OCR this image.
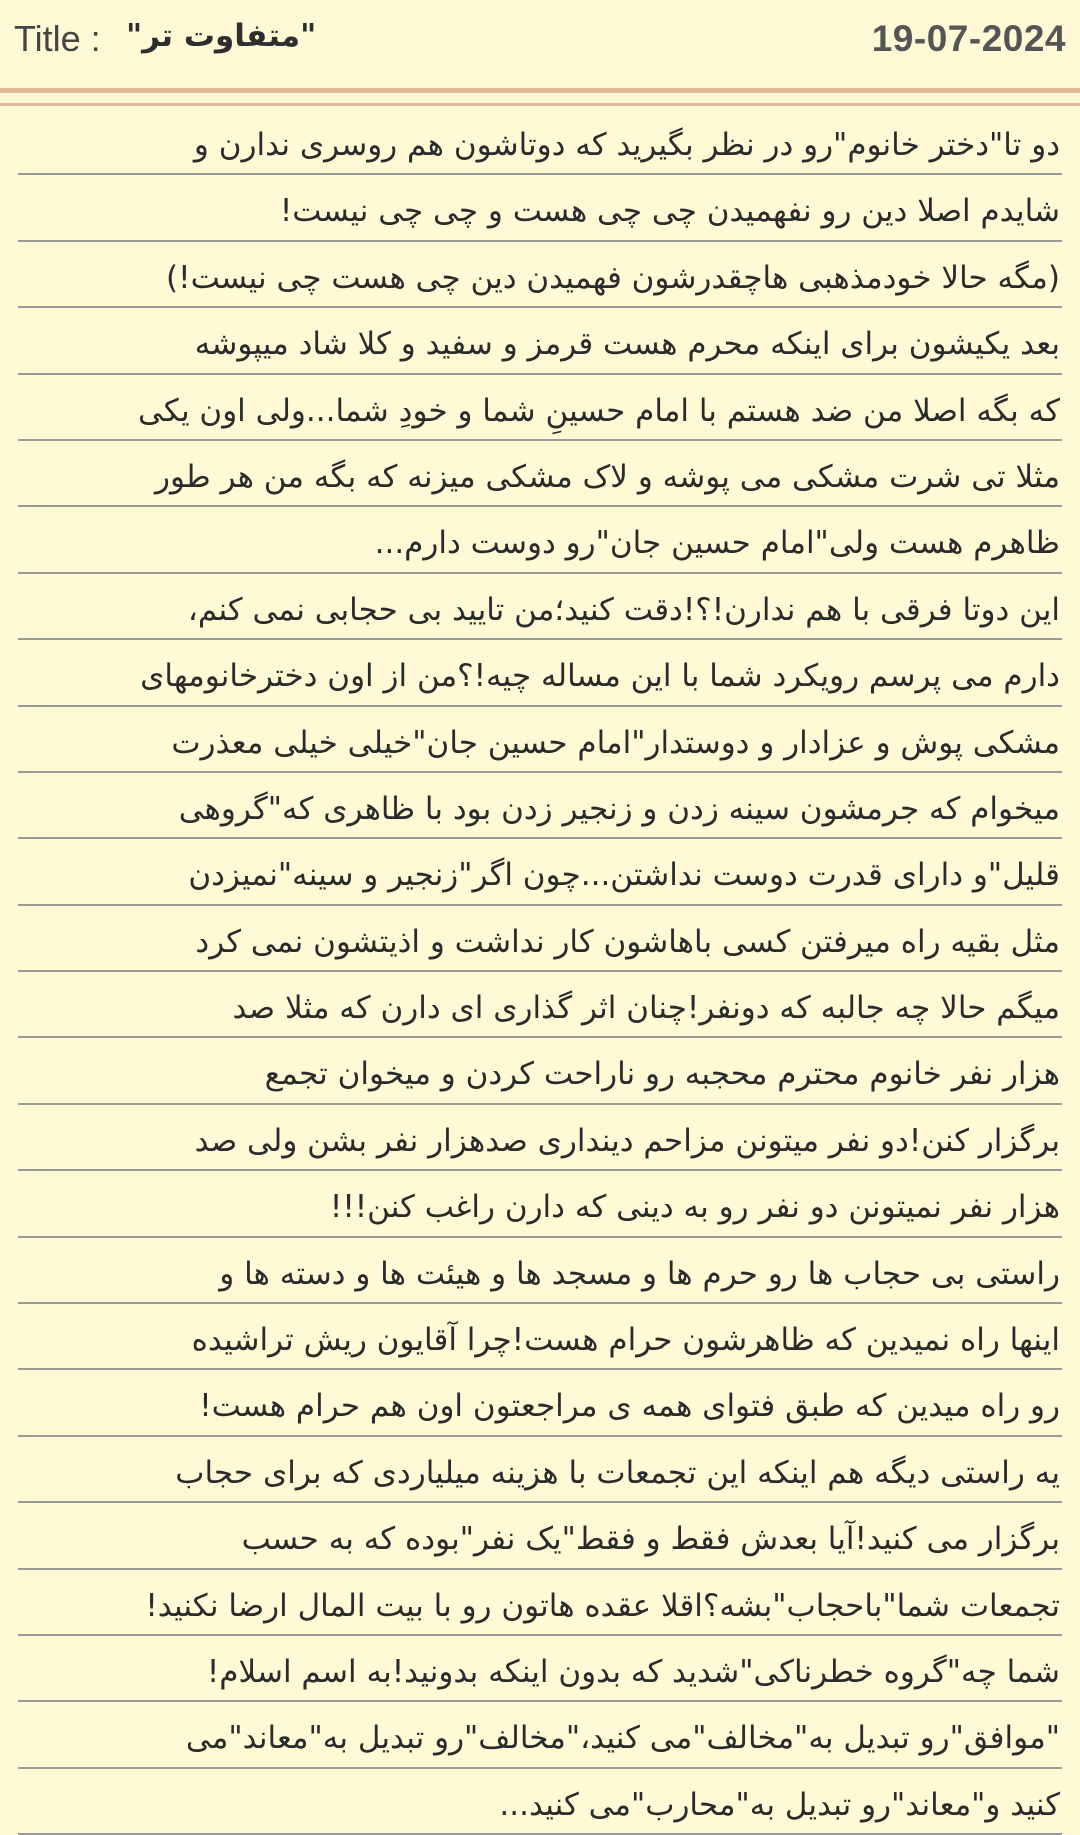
Title : "متفاوت تر"	19-07-2024
دو تا"دختر خانوم"رو در نظر بگیرید که دوتاشون هم روسری ندارن و
شایدم اصلا دین رو نفهمیدن چی چی هست و چی چی نیست!
(مگه حالا خودمذهبی هاچقدرشون فهمیدن دین چی هست چی نیست!)
بعد یکیشون برای اینکه محرم هست قرمز و سفید و کلا شاد میپوشه
که بگه اصلا من ضد هستم با امام حسینِ شما و خودِ شما...ولی اون یکی
مثلا تی شرت مشکی می پوشه و لاک مشکی میزنه که بگه من هر طور
ظاهرم هست ولی"امام حسین جان"رو دوست دارم...
این دوتا فرقی با هم ندارن!؟!دقت کنید؛من تایید بی حجابی نمی کنم،
دارم می پرسم رویکرد شما با این مساله چیه!؟من از اون دخترخانومهای
مشکی پوش و عزادار و دوستدار"امام حسین جان"خیلی خیلی معذرت
میخوام که جرمشون سینه زدن و زنجیر زدن بود با ظاهری که"گروهی
قلیل"و دارای قدرت دوست نداشتن...چون اگر"زنجیر و سینه"نمیزدن
مثل بقیه راه میرفتن کسی باهاشون کار نداشت و اذیتشون نمی کرد
میگم حالا چه جالبه که دونفر!چنان اثر گذاری ای دارن که مثلا صد
هزار نفر خانوم محترم محجبه رو ناراحت کردن و میخوان تجمع
برگزار کنن!دو نفر میتونن مزاحم دینداری صدهزار نفر بشن ولی صد
هزار نفر نمیتونن دو نفر رو به دینی که دارن راغب کنن!!!
راستی بی حجاب ها رو حرم ها و مسجد ها و هیئت ها و دسته ها و
اینها راه نمیدین که ظاهرشون حرام هست!چرا آقایون ریش تراشیده
رو راه میدین که طبق فتوای همه ی مراجعتون اون هم حرام هست!
یه راستی دیگه هم اینکه این تجمعات با هزینه میلیاردی که برای حجاب
برگزار می کنید!آیا بعدش فقط و فقط"یک نفر"بوده که به حسب
تجمعات شما"باحجاب"بشه؟اقلا عقده هاتون رو با بیت المال ارضا نکنید!
شما چه"گروه خطرناکی"شدید که بدون اینکه بدونید!به اسم اسلام!
"موافق"رو تبدیل به"مخالف"می کنید،"مخالف"رو تبدیل به"معاند"می
کنید و"معاند"رو تبدیل به"محارب"می کنید...
